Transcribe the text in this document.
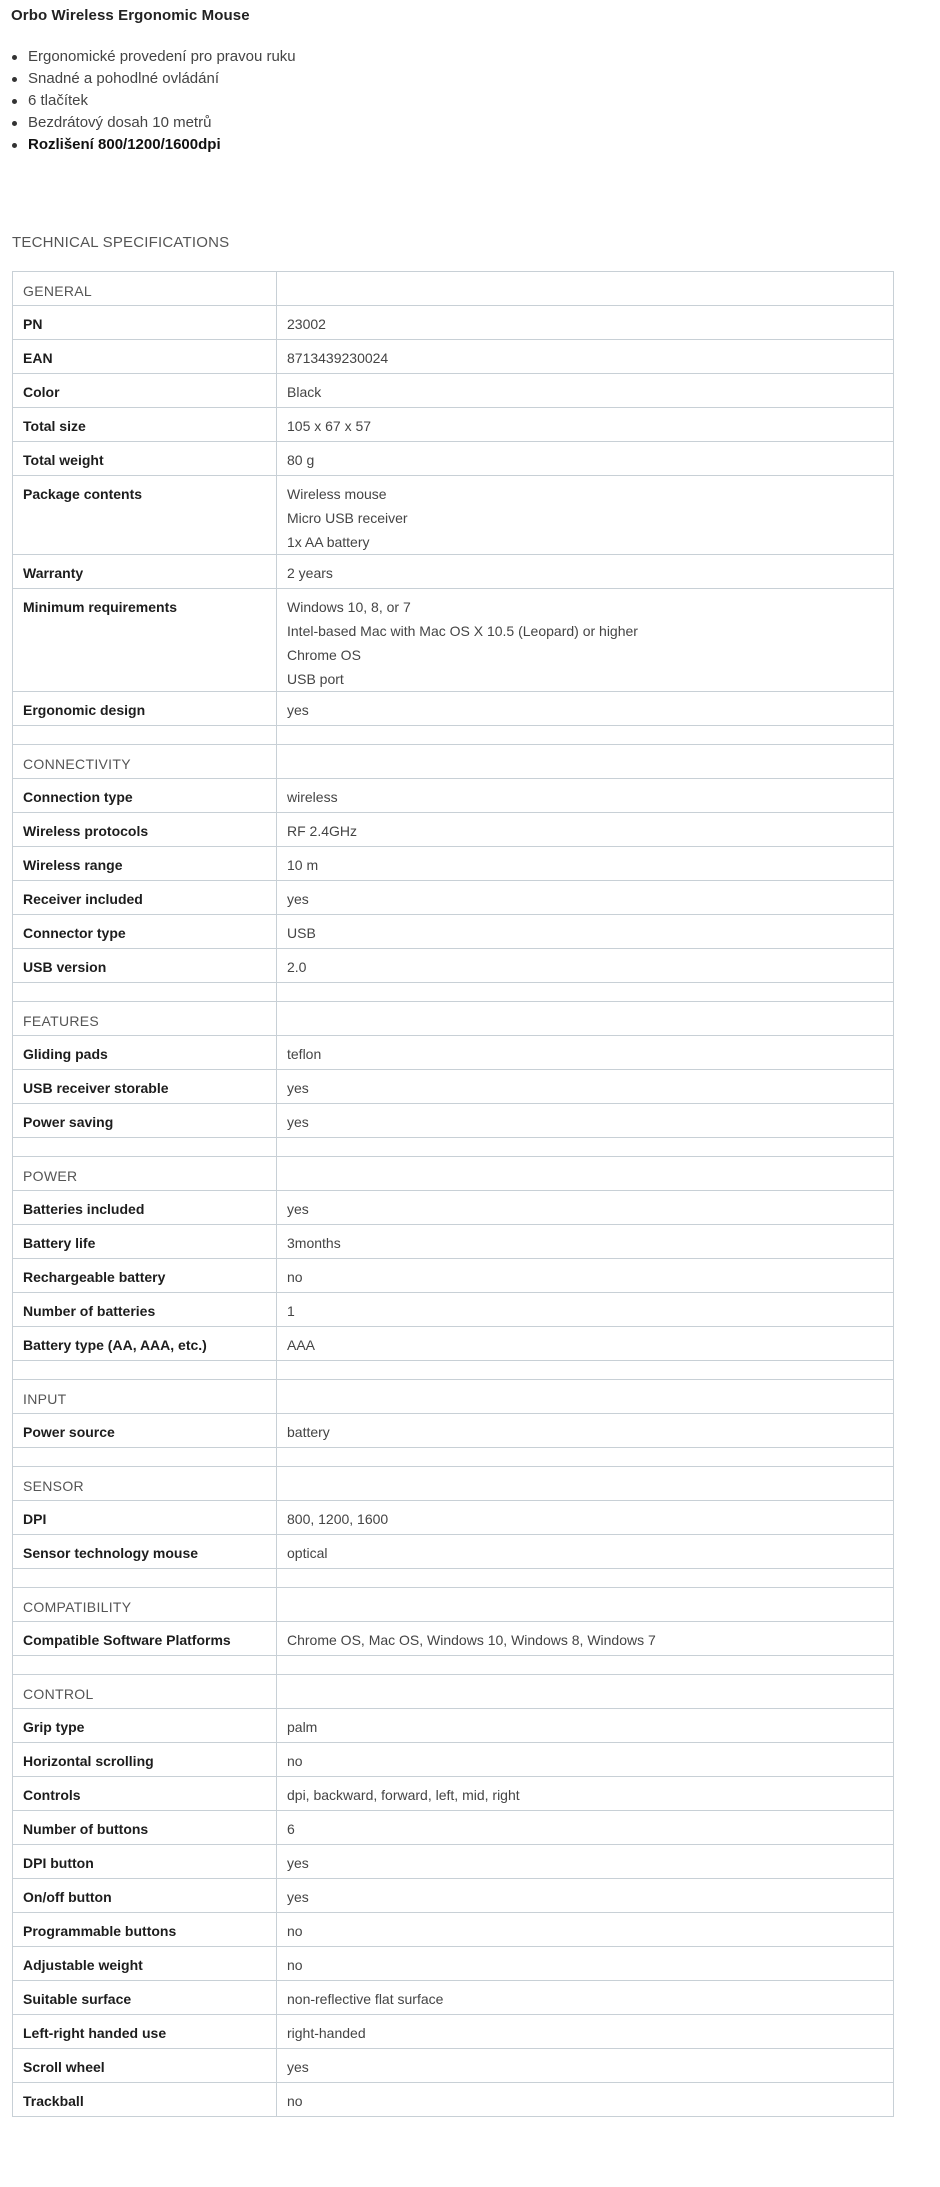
Orbo Wireless Ergonomic Mouse
Ergonomické provedení pro pravou ruku
Snadné a pohodlné ovládání
6 tlačítek
Bezdrátový dosah 10 metrů
Rozlišení 800/1200/1600dpi
TECHNICAL SPECIFICATIONS
GENERAL	
PN	23002

EAN	8713439230024

Color	Black

Total size	105 x 67 x 57

Total weight	80 g

Package contents	Wireless mouse
Micro USB receiver
1x AA battery

Warranty	2 years

Minimum requirements	Windows 10, 8, or 7
Intel-based Mac with Mac OS X 10.5 (Leopard) or higher
Chrome OS
USB port

Ergonomic design	yes

CONNECTIVITY	
Connection type	wireless

Wireless protocols	RF 2.4GHz

Wireless range	10 m

Receiver included	yes

Connector type	USB

USB version	2.0

FEATURES	
Gliding pads	teflon

USB receiver storable	yes

Power saving	yes

POWER	
Batteries included	yes

Battery life	3months

Rechargeable battery	no

Number of batteries	1

Battery type (AA, AAA, etc.)	AAA

INPUT	
Power source	battery

SENSOR	
DPI	800, 1200, 1600

Sensor technology mouse	optical

COMPATIBILITY	
Compatible Software Platforms	Chrome OS, Mac OS, Windows 10, Windows 8, Windows 7

CONTROL	
Grip type	palm

Horizontal scrolling	no

Controls	dpi, backward, forward, left, mid, right

Number of buttons	6

DPI button	yes

On/off button	yes

Programmable buttons	no

Adjustable weight	no

Suitable surface	non-reflective flat surface

Left-right handed use	right-handed

Scroll wheel	yes

Trackball	no
